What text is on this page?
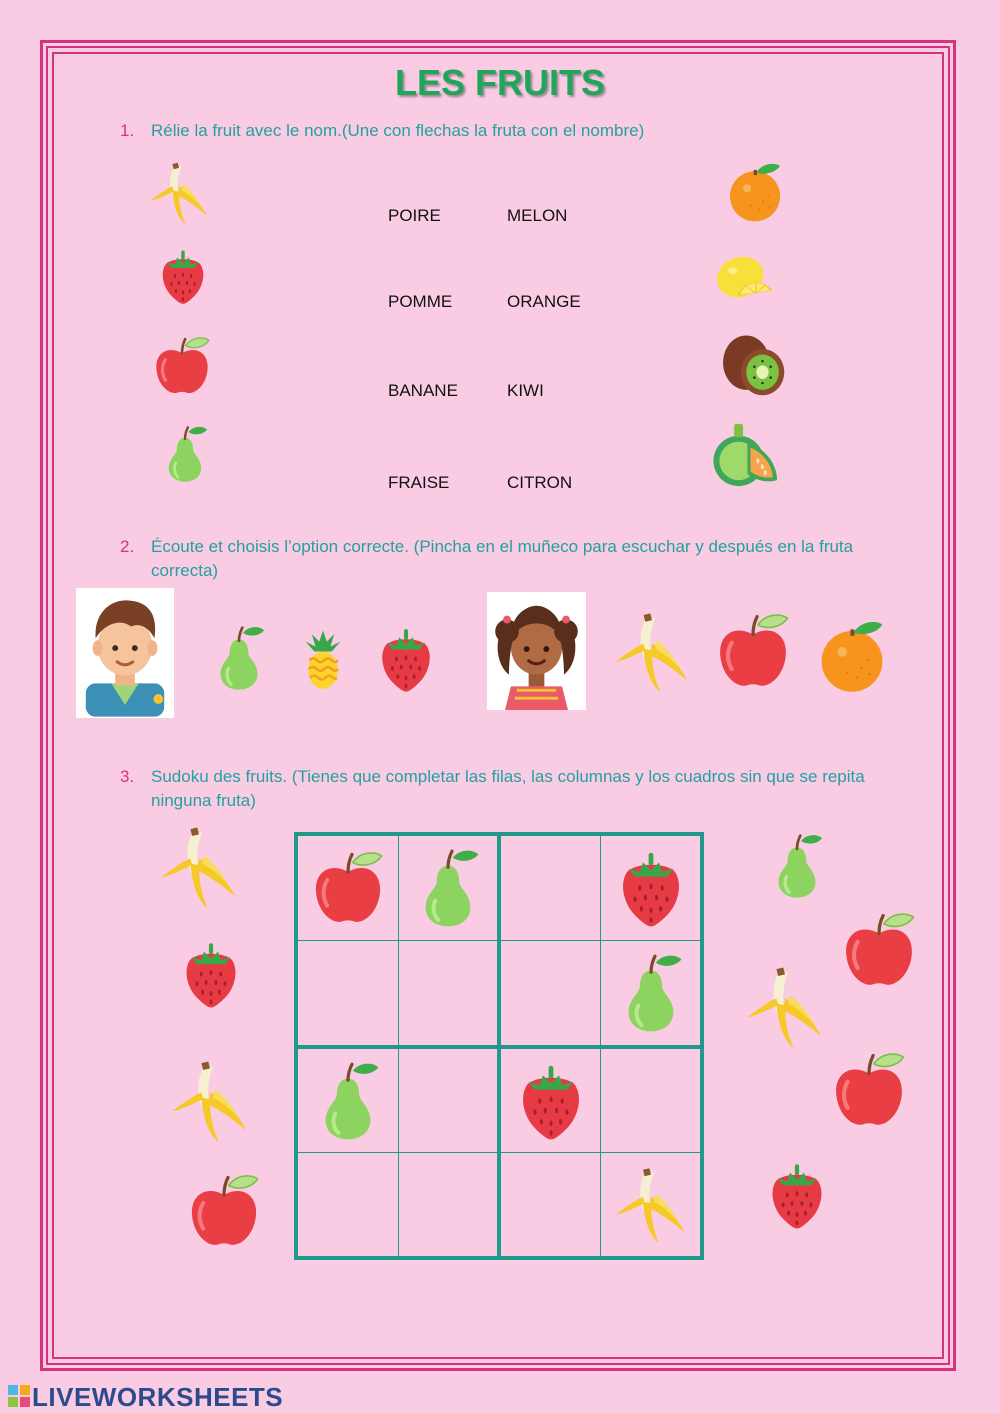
LES FRUITS
1. Rélie la fruit avec le nom.(Une con flechas la fruta con el nombre)
POIRE
POMME
BANANE
FRAISE
MELON
ORANGE
KIWI
CITRON
2. Écoute et choisis l’option correcte. (Pincha en el muñeco para escuchar y después en la fruta correcta)
3. Sudoku des fruits. (Tienes que completar las filas, las columnas y los cuadros sin que se repita ninguna fruta)
LIVEWORKSHEETS
